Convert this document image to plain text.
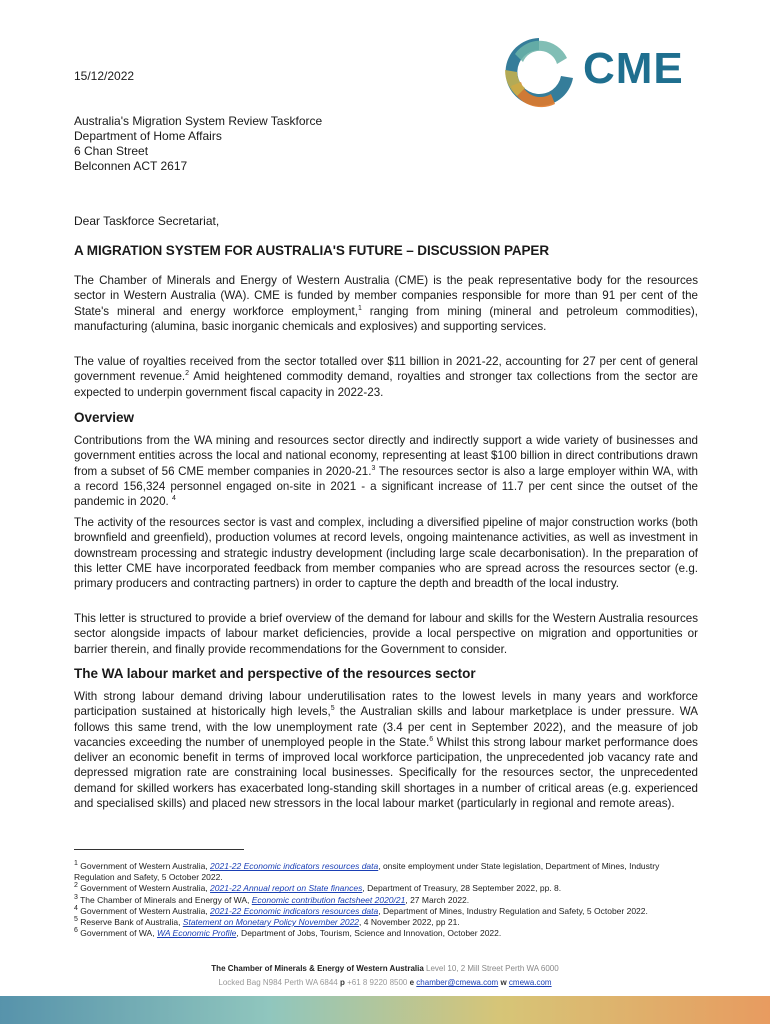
15/12/2022	CME
Australia's Migration System Review Taskforce
Department of Home Affairs
6 Chan Street
Belconnen ACT 2617
Dear Taskforce Secretariat,
A MIGRATION SYSTEM FOR AUSTRALIA'S FUTURE – DISCUSSION PAPER

The Chamber of Minerals and Energy of Western Australia (CME) is the peak representative body for the resources sector in Western Australia (WA). CME is funded by member companies responsible for more than 91 per cent of the State's mineral and energy workforce employment,$^1$ ranging from mining (mineral and petroleum commodities), manufacturing (alumina, basic inorganic chemicals and explosives) and supporting services.

The value of royalties received from the sector totalled over $11 billion in 2021-22, accounting for 27 per cent of general government revenue.$^2$ Amid heightened commodity demand, royalties and stronger tax collections from the sector are expected to underpin government fiscal capacity in 2022-23.

Overview

Contributions from the WA mining and resources sector directly and indirectly support a wide variety of businesses and government entities across the local and national economy, representing at least $100 billion in direct contributions drawn from a subset of 56 CME member companies in 2020-21.$^3$ The resources sector is also a large employer within WA, with a record 156,324 personnel engaged on-site in 2021 - a significant increase of 11.7 per cent since the outset of the pandemic in 2020. $^4$

The activity of the resources sector is vast and complex, including a diversified pipeline of major construction works (both brownfield and greenfield), production volumes at record levels, ongoing maintenance activities, as well as investment in downstream processing and strategic industry development (including large scale decarbonisation). In the preparation of this letter CME have incorporated feedback from member companies who are spread across the resources sector (e.g. primary producers and contracting partners) in order to capture the depth and breadth of the local industry.
This letter is structured to provide a brief overview of the demand for labour and skills for the Western Australia resources sector alongside impacts of labour market deficiencies, provide a local perspective on migration and opportunities or barrier therein, and finally provide recommendations for the Government to consider.
The WA labour market and perspective of the resources sector

With strong labour demand driving labour underutilisation rates to the lowest levels in many years and workforce participation sustained at historically high levels,$^5$ the Australian skills and labour marketplace is under pressure. WA follows this same trend, with the low unemployment rate (3.4 per cent in September 2022), and the measure of job vacancies exceeding the number of unemployed people in the State.$^6$ Whilst this strong labour market performance does deliver an economic benefit in terms of improved local workforce participation, the unprecedented job vacancy rate and depressed migration rate are constraining local businesses. Specifically for the resources sector, the unprecedented demand for skilled workers has exacerbated long-standing skill shortages in a number of critical areas (e.g. experienced and specialised skills) and placed new stressors in the local labour market (particularly in regional and remote areas).

$^1$ Government of Western Australia, 2021-22 Economic indicators resources data, onsite employment under State legislation, Department of Mines, Industry Regulation and Safety, 5 October 2022.
$^2$ Government of Western Australia, 2021-22 Annual report on State finances, Department of Treasury, 28 September 2022, pp. 8.
$^3$ The Chamber of Minerals and Energy of WA, Economic contribution factsheet 2020/21, 27 March 2022.
$^4$ Government of Western Australia, 2021-22 Economic indicators resources data, Department of Mines, Industry Regulation and Safety, 5 October 2022.
$^5$ Reserve Bank of Australia, Statement on Monetary Policy November 2022, 4 November 2022, pp 21.
$^6$ Government of WA, WA Economic Profile, Department of Jobs, Tourism, Science and Innovation, October 2022.
The Chamber of Minerals & Energy of Western Australia Level 10, 2 Mill Street Perth WA 6000
Locked Bag N984 Perth WA 6844 p +61 8 9220 8500 e chamber@cmewa.com w cmewa.com
